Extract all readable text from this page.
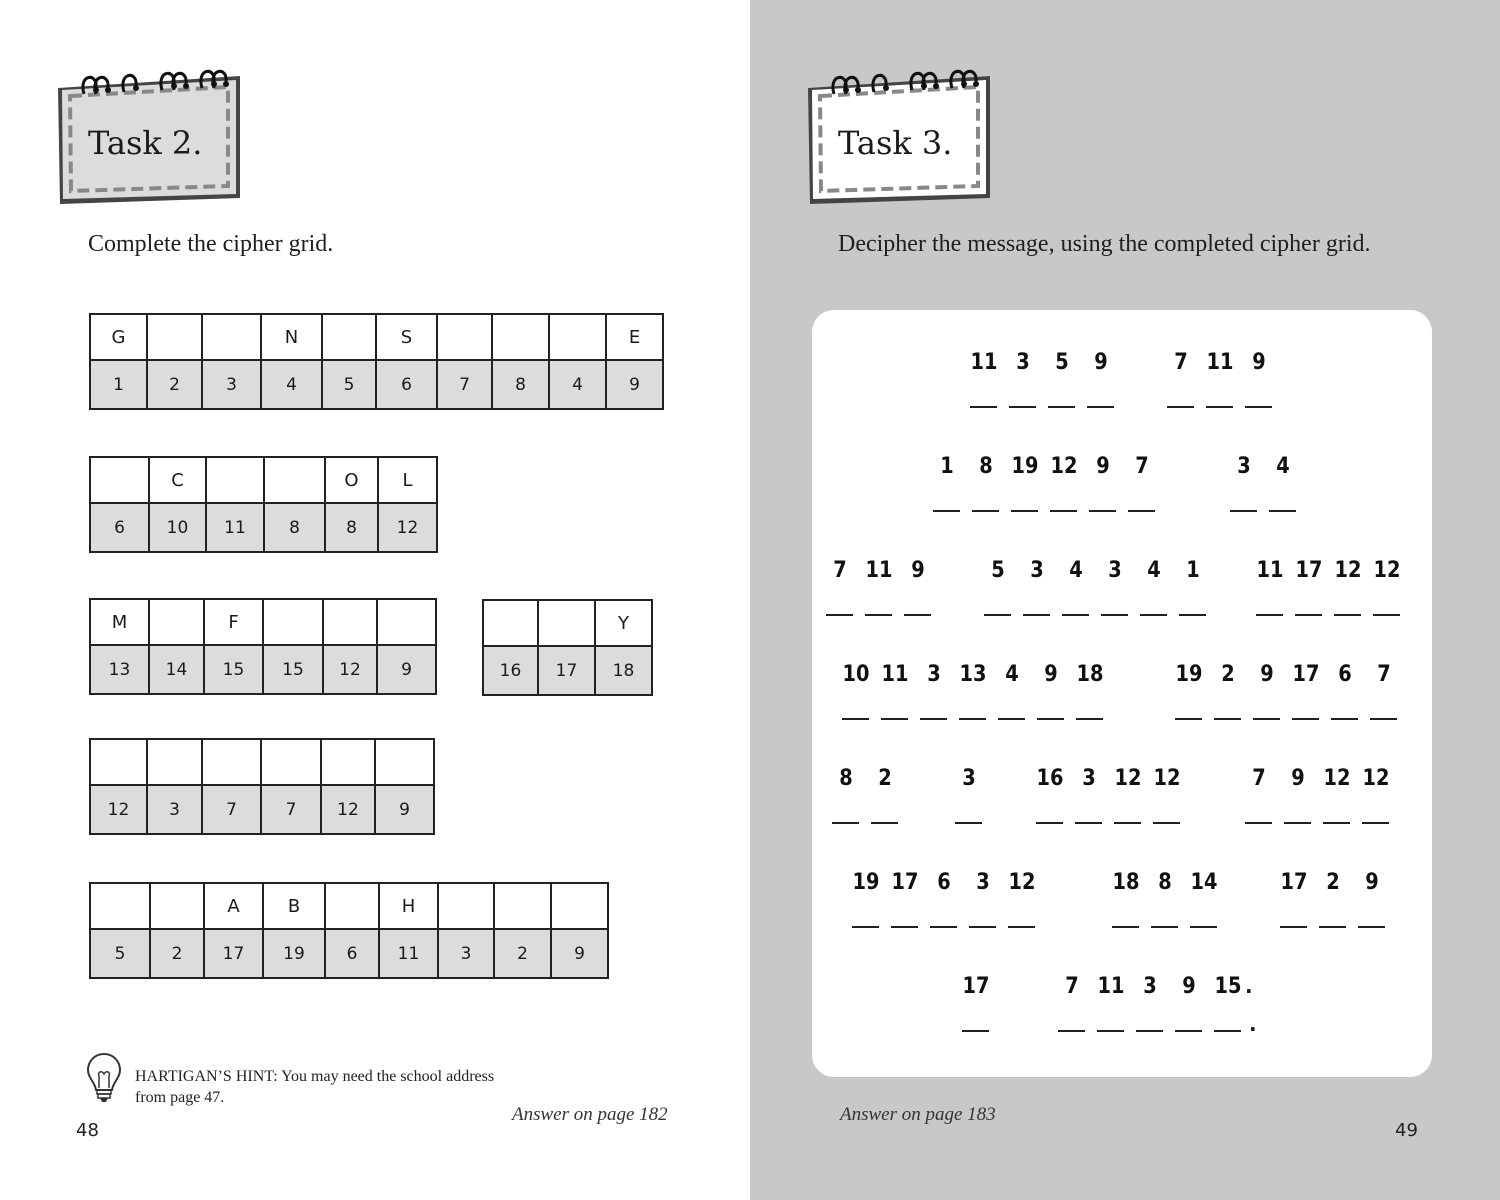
Task 2.
Complete the cipher grid.
G			N		S				E
1	2	3	4	5	6	7	8	4	9
	C			O	L
6	10	11	8	8	12
M		F			
13	14	15	15	12	9
		Y
16	17	18

12	3	7	7	12	9
		A	B		H			
5	2	17	19	6	11	3	2	9
HARTIGAN’S HINT: You may need the school address from page 47.
Answer on page 182
48
Task 3.
Decipher the message, using the completed cipher grid.
11 3	5	9	7 11 9
1	8 19 12 9	7	3	4
7 11 9	5	3	4	3	4	1	11 17 12 12
10 11 3 13 4	9 18	19 2	9 17 6	7
8	2	3	16 3 12 12	7	9 12 12
19 17 6	3 12	18 8 14	17 2	9
17	7 11 3	9 15 .
.
Answer on page 183
49
